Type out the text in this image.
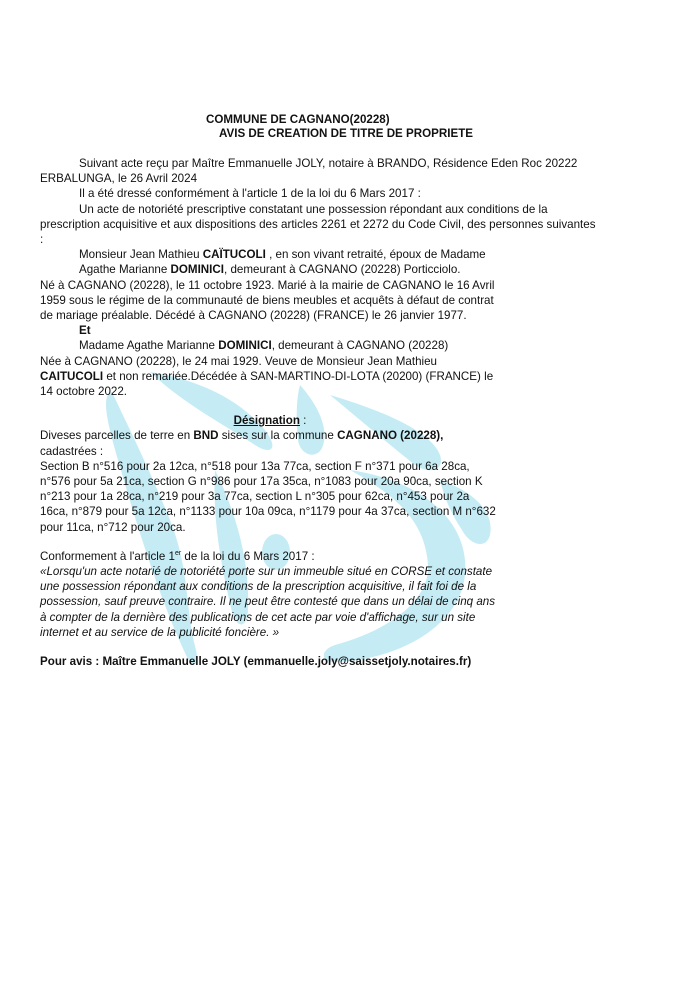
COMMUNE DE CAGNANO(20228)
AVIS DE CREATION DE TITRE DE PROPRIETE

Suivant acte reçu par Maître Emmanuelle JOLY, notaire à BRANDO, Résidence Eden Roc 20222 ERBALUNGA, le 26 Avril 2024

Il a été dressé conformément à l'article 1 de la loi du 6 Mars 2017 :

Un acte de notoriété prescriptive constatant une possession répondant aux conditions de la prescription acquisitive et aux dispositions des articles 2261 et 2272 du Code Civil, des personnes suivantes :

Monsieur Jean Mathieu CAÏTUCOLI , en son vivant retraité, époux de Madame

Agathe Marianne DOMINICI, demeurant à CAGNANO (20228) Porticciolo.

Né à CAGNANO (20228), le 11 octobre 1923. Marié à la mairie de CAGNANO le 16 Avril 1959 sous le régime de la communauté de biens meubles et acquêts à défaut de contrat de mariage préalable. Décédé à CAGNANO (20228) (FRANCE) le 26 janvier 1977.

Et

Madame Agathe Marianne DOMINICI, demeurant à CAGNANO (20228)

Née à CAGNANO (20228), le 24 mai 1929. Veuve de Monsieur Jean Mathieu CAITUCOLI et non remariée.Décédée à SAN-MARTINO-DI-LOTA (20200) (FRANCE) le 14 octobre 2022.

Désignation :

Diveses parcelles de terre en BND sises sur la commune CAGNANO (20228), cadastrées :

Section B n°516 pour 2a 12ca, n°518 pour 13a 77ca, section F n°371 pour 6a 28ca, n°576 pour 5a 21ca, section G n°986 pour 17a 35ca, n°1083 pour 20a 90ca, section K n°213 pour 1a 28ca, n°219 pour 3a 77ca, section L n°305 pour 62ca, n°453 pour 2a 16ca, n°879 pour 5a 12ca, n°1133 pour 10a 09ca, n°1179 pour 4a 37ca, section M n°632 pour 11ca, n°712 pour 20ca.

Conformement à l'article 1er de la loi du 6 Mars 2017 :

«Lorsqu'un acte notarié de notoriété porte sur un immeuble situé en CORSE et constate une possession répondant aux conditions de la prescription acquisitive, il fait foi de la possession, sauf preuve contraire. Il ne peut être contesté que dans un délai de cinq ans à compter de la dernière des publications de cet acte par voie d'affichage, sur un site internet et au service de la publicité foncière. »

Pour avis : Maître Emmanuelle JOLY (emmanuelle.joly@saissetjoly.notaires.fr)
